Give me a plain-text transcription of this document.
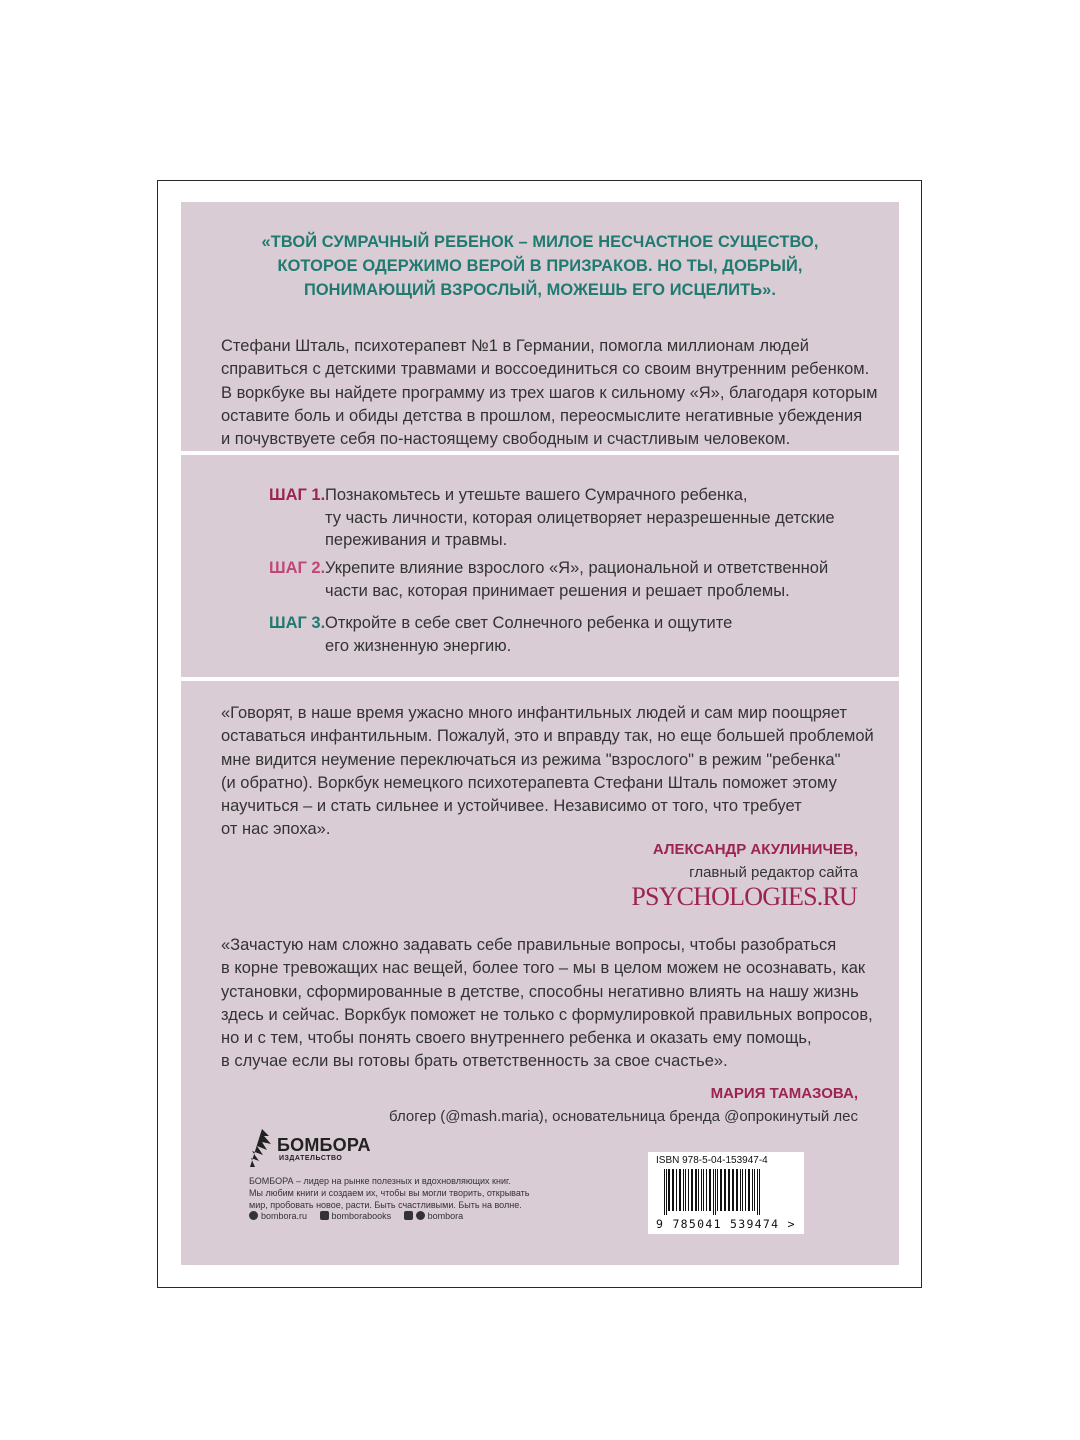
«ТВОЙ СУМРАЧНЫЙ РЕБЕНОК – МИЛОЕ НЕСЧАСТНОЕ СУЩЕСТВО,
КОТОРОЕ ОДЕРЖИМО ВЕРОЙ В ПРИЗРАКОВ. НО ТЫ, ДОБРЫЙ,
ПОНИМАЮЩИЙ ВЗРОСЛЫЙ, МОЖЕШЬ ЕГО ИСЦЕЛИТЬ».
Стефани Шталь, психотерапевт №1 в Германии, помогла миллионам людей
справиться с детскими травмами и воссоединиться со своим внутренним ребенком.
В воркбуке вы найдете программу из трех шагов к сильному «Я», благодаря которым
оставите боль и обиды детства в прошлом, переосмыслите негативные убеждения
и почувствуете себя по-настоящему свободным и счастливым человеком.
ШАГ 1. Познакомьтесь и утешьте вашего Сумрачного ребенка,
ту часть личности, которая олицетворяет неразрешенные детские
переживания и травмы.
ШАГ 2. Укрепите влияние взрослого «Я», рациональной и ответственной
части вас, которая принимает решения и решает проблемы.
ШАГ 3. Откройте в себе свет Солнечного ребенка и ощутите
его жизненную энергию.
«Говорят, в наше время ужасно много инфантильных людей и сам мир поощряет
оставаться инфантильным. Пожалуй, это и вправду так, но еще большей проблемой
мне видится неумение переключаться из режима "взрослого" в режим "ребенка"
(и обратно). Воркбук немецкого психотерапевта Стефани Шталь поможет этому
научиться – и стать сильнее и устойчивее. Независимо от того, что требует
от нас эпоха».
АЛЕКСАНДР АКУЛИНИЧЕВ,
главный редактор сайта
PSYCHOLOGIES.RU
«Зачастую нам сложно задавать себе правильные вопросы, чтобы разобраться
в корне тревожащих нас вещей, более того – мы в целом можем не осознавать, как
установки, сформированные в детстве, способны негативно влиять на нашу жизнь
здесь и сейчас. Воркбук поможет не только с формулировкой правильных вопросов,
но и с тем, чтобы понять своего внутреннего ребенка и оказать ему помощь,
в случае если вы готовы брать ответственность за свое счастье».
МАРИЯ ТАМАЗОВА,
блогер (@mash.maria), основательница бренда @опрокинутый лес
БОМБОРА
ИЗДАТЕЛЬСТВО
БОМБОРА – лидер на рынке полезных и вдохновляющих книг.
Мы любим книги и создаем их, чтобы вы могли творить, открывать
мир, пробовать новое, расти. Быть счастливыми. Быть на волне.
bombora.ru	bomborabooks	bombora
ISBN 978-5-04-153947-4
9 785041 539474 >
